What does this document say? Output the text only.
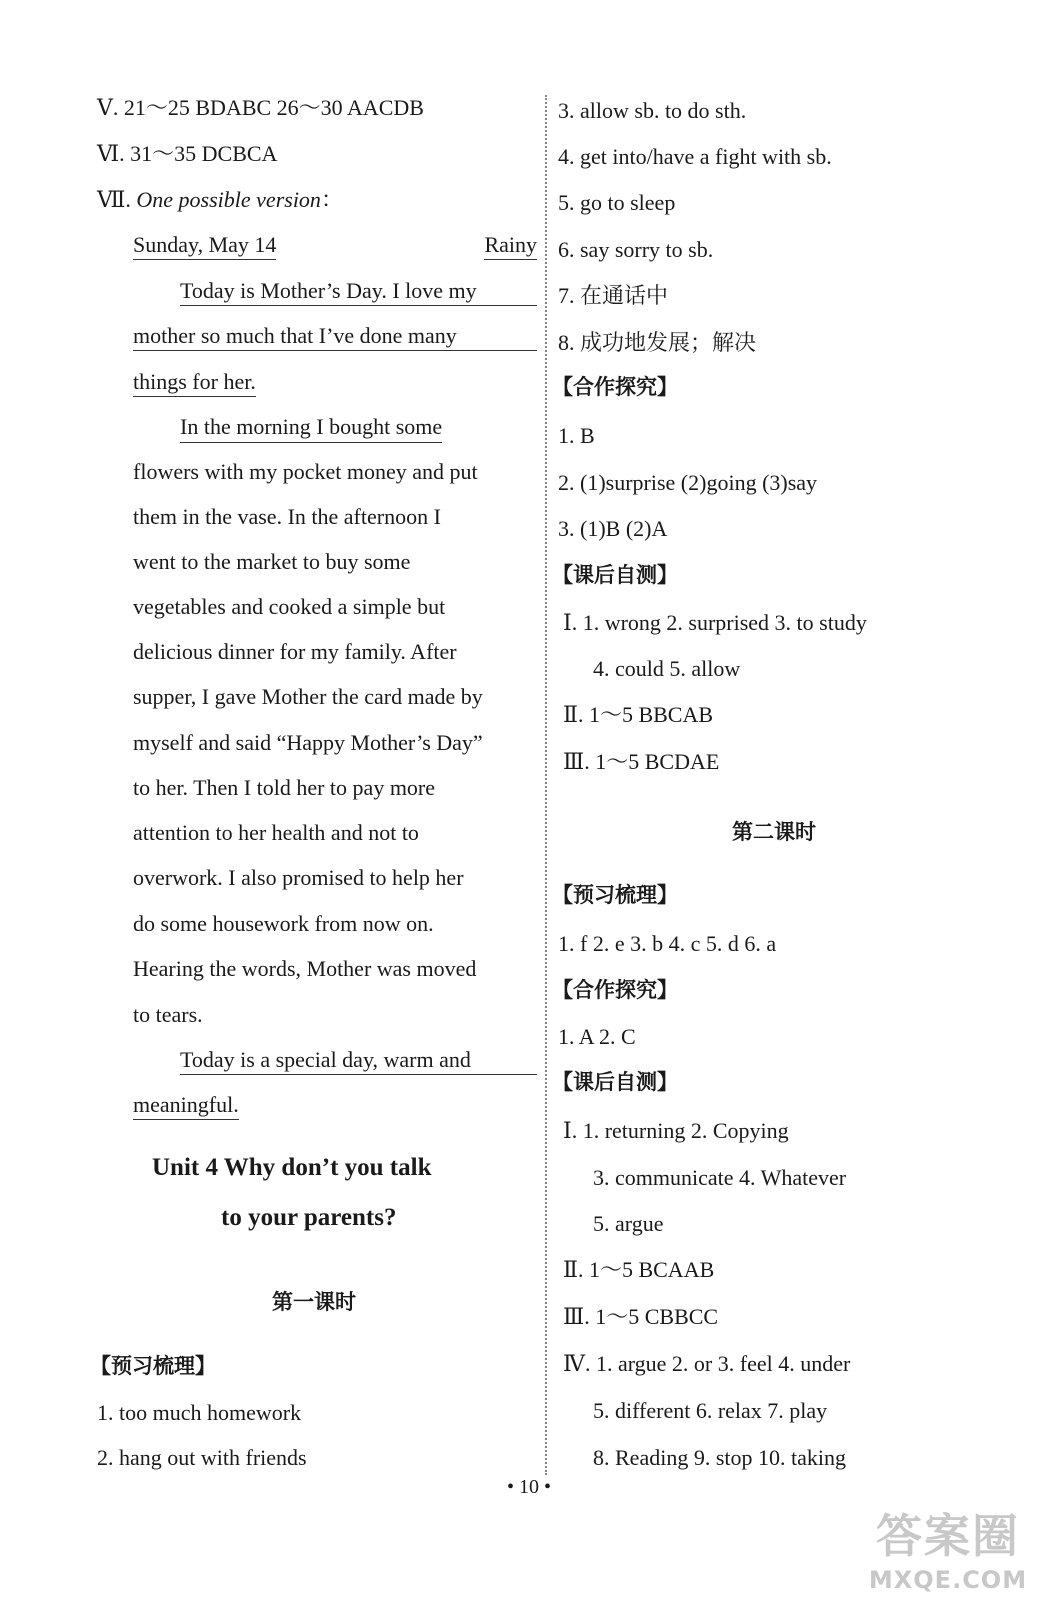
Ⅴ. 21～25 BDABC 26～30 AACDB
Ⅵ. 31～35 DCBCA
Ⅶ. One possible version：
Sunday, May 14	Rainy
Today is Mother’s Day. I love my
mother so much that I’ve done many
things for her.
In the morning I bought some
flowers with my pocket money and put
them in the vase. In the afternoon I
went to the market to buy some
vegetables and cooked a simple but
delicious dinner for my family. After
supper, I gave Mother the card made by
myself and said “Happy Mother’s Day”
to her. Then I told her to pay more
attention to her health and not to
overwork. I also promised to help her
do some housework from now on.
Hearing the words, Mother was moved
to tears.
Today is a special day, warm and
meaningful.
Unit 4 Why don’t you talk
to your parents?
第一课时
【预习梳理】
1. too much homework
2. hang out with friends
3. allow sb. to do sth.
4. get into/have a fight with sb.
5. go to sleep
6. say sorry to sb.
7. 在通话中
8. 成功地发展；解决
【合作探究】
1. B
2. (1)surprise (2)going (3)say
3. (1)B (2)A
【课后自测】
Ⅰ. 1. wrong 2. surprised 3. to study
4. could 5. allow
Ⅱ. 1～5 BBCAB
Ⅲ. 1～5 BCDAE
第二课时
【预习梳理】
1. f 2. e 3. b 4. c 5. d 6. a
【合作探究】
1. A 2. C
【课后自测】
Ⅰ. 1. returning 2. Copying
3. communicate 4. Whatever
5. argue
Ⅱ. 1～5 BCAAB
Ⅲ. 1～5 CBBCC
Ⅳ. 1. argue 2. or 3. feel 4. under
5. different 6. relax 7. play
8. Reading 9. stop 10. taking
• 10 •
答案圈
MXQE.COM
